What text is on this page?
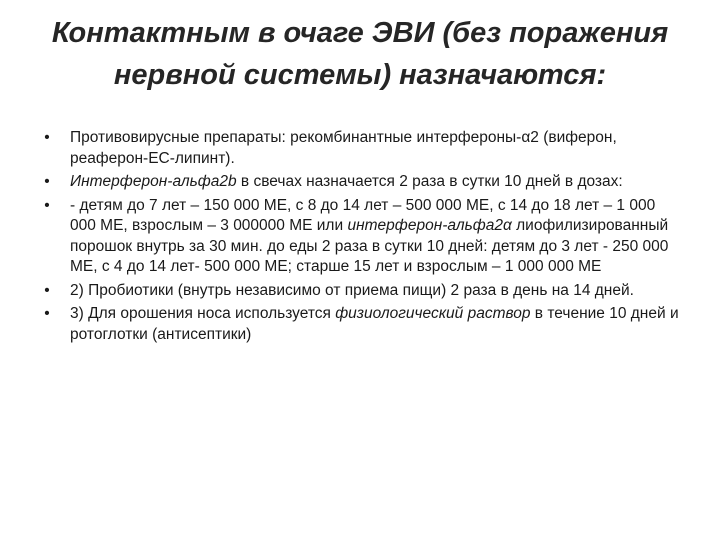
Контактным в очаге ЭВИ (без поражения
нервной системы) назначаются:
• Противовирусные препараты: рекомбинантные интерфероны-α2 (виферон, реаферон-ЕС-липинт).
• Интерферон-альфа2b в свечах назначается 2 раза в сутки 10 дней в дозах:
• - детям до 7 лет – 150 000 МЕ, с 8 до 14 лет – 500 000 МЕ, с 14 до 18 лет – 1 000 000 МЕ, взрослым – 3 000000 МЕ или интерферон-альфа2α лиофилизированный порошок внутрь за 30 мин. до еды 2 раза в сутки 10 дней: детям до 3 лет - 250 000 МЕ, с 4 до 14 лет- 500 000 МЕ; старше 15 лет и взрослым – 1 000 000 МЕ
• 2) Пробиотики (внутрь независимо от приема пищи) 2 раза в день на 14 дней.
• 3) Для орошения носа используется физиологический раствор в течение 10 дней и ротоглотки (антисептики)
